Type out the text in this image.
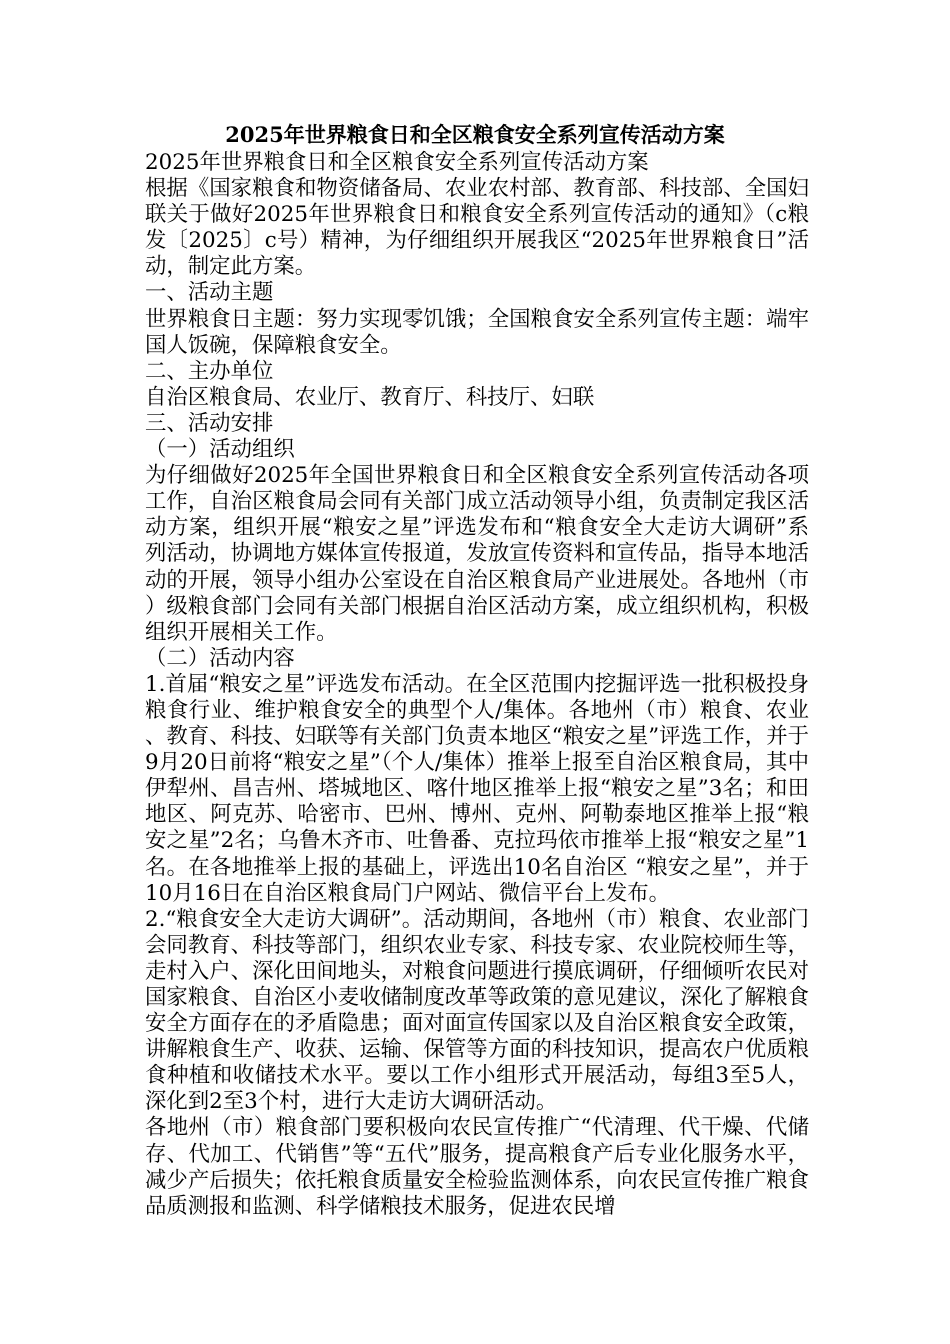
2025年世界粮食日和全区粮食安全系列宣传活动方案

2025年世界粮食日和全区粮食安全系列宣传活动方案

根据《国家粮食和物资储备局、农业农村部、教育部、科技部、全国妇联关于做好2025年世界粮食日和粮食安全系列宣传活动的通知》（c粮发〔2025〕c号）精神，为仔细组织开展我区“2025年世界粮食日”活动，制定此方案。

一、活动主题

世界粮食日主题：努力实现零饥饿；全国粮食安全系列宣传主题：端牢国人饭碗，保障粮食安全。

二、主办单位

自治区粮食局、农业厅、教育厅、科技厅、妇联

三、活动安排

（一）活动组织

为仔细做好2025年全国世界粮食日和全区粮食安全系列宣传活动各项工作，自治区粮食局会同有关部门成立活动领导小组，负责制定我区活动方案，组织开展“粮安之星”评选发布和“粮食安全大走访大调研”系列活动，协调地方媒体宣传报道，发放宣传资料和宣传品，指导本地活动的开展，领导小组办公室设在自治区粮食局产业进展处。各地州（市）级粮食部门会同有关部门根据自治区活动方案，成立组织机构，积极组织开展相关工作。

（二）活动内容

1.首届“粮安之星”评选发布活动。在全区范围内挖掘评选一批积极投身粮食行业、维护粮食安全的典型个人/集体。各地州（市）粮食、农业、教育、科技、妇联等有关部门负责本地区“粮安之星”评选工作，并于9月20日前将“粮安之星”（个人/集体）推举上报至自治区粮食局，其中伊犁州、昌吉州、塔城地区、喀什地区推举上报“粮安之星”3名；和田地区、阿克苏、哈密市、巴州、博州、克州、阿勒泰地区推举上报“粮安之星”2名；乌鲁木齐市、吐鲁番、克拉玛依市推举上报“粮安之星”1名。在各地推举上报的基础上，评选出10名自治区 “粮安之星”，并于10月16日在自治区粮食局门户网站、微信平台上发布。

2.“粮食安全大走访大调研”。活动期间，各地州（市）粮食、农业部门会同教育、科技等部门，组织农业专家、科技专家、农业院校师生等，走村入户、深化田间地头，对粮食问题进行摸底调研，仔细倾听农民对国家粮食、自治区小麦收储制度改革等政策的意见建议，深化了解粮食安全方面存在的矛盾隐患；面对面宣传国家以及自治区粮食安全政策，讲解粮食生产、收获、运输、保管等方面的科技知识，提高农户优质粮食种植和收储技术水平。要以工作小组形式开展活动，每组3至5人，深化到2至3个村，进行大走访大调研活动。

各地州（市）粮食部门要积极向农民宣传推广“代清理、代干燥、代储存、代加工、代销售”等“五代”服务，提高粮食产后专业化服务水平，减少产后损失；依托粮食质量安全检验监测体系，向农民宣传推广粮食品质测报和监测、科学储粮技术服务，促进农民增
